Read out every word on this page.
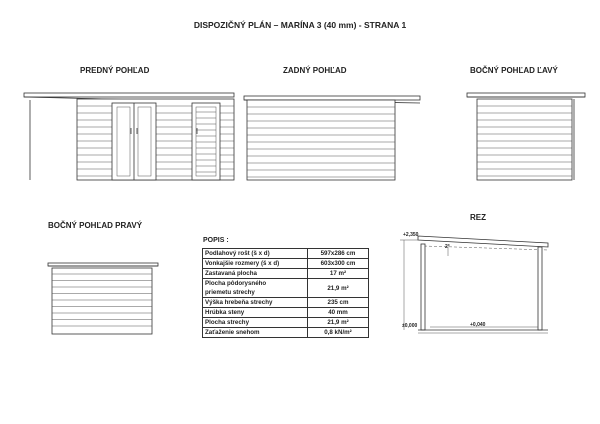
DISPOZIČNÝ PLÁN – MARÍNA 3 (40 mm) - STRANA 1
PREDNÝ POHĽAD	ZADNÝ POHĽAD	BOČNÝ POHĽAD ĽAVÝ
BOČNÝ POHĽAD PRAVÝ
REZ
+2,350
2°
±0,000	+0,040
POPIS :
Podlahový rošt (š x d)	597x286 cm
Vonkajšie rozmery (š x d)	603x300 cm
Zastavaná plocha	17 m²
Plocha pôdorysného
priemetu strechy	21,9 m²
Výška hrebeňa strechy	235 cm
Hrúbka steny	40 mm
Plocha strechy	21,9 m²
Zaťaženie snehom	0,8 kN/m²
